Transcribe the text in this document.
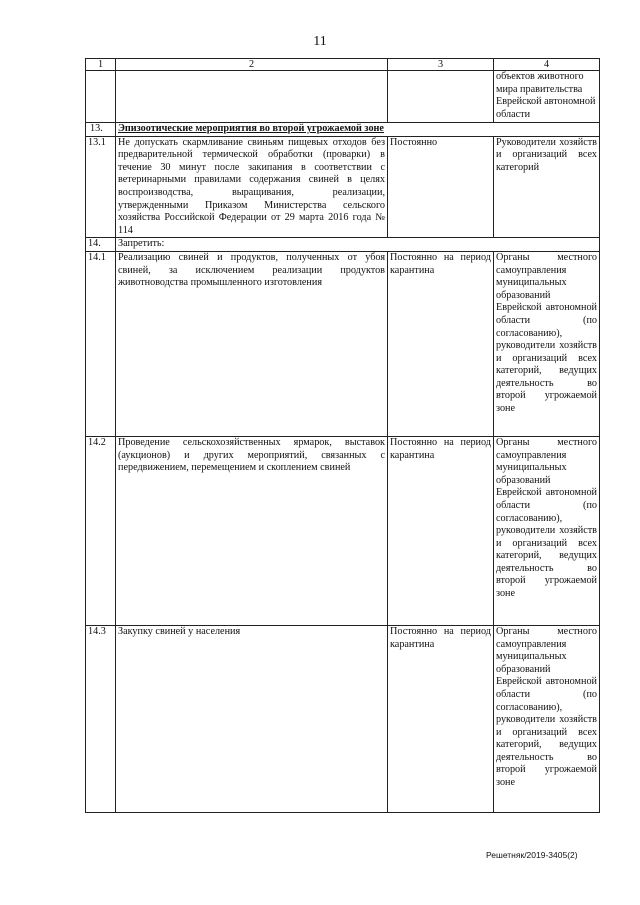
11
1	2	3	4
			объектов животного мира правительства Еврейской автономной области
13.	Эпизоотические мероприятия во второй угрожаемой зоне		
13.1	Не допускать скармливание свиньям пищевых отходов без предварительной термической обработки (проварки) в течение 30 минут после закипания в соответствии с ветеринарными правилами содержания свиней в целях воспроизводства, выращивания, реализации, утвержденными Приказом Министерства сельского хозяйства Российской Федерации от 29 марта 2016 года № 114	Постоянно	Руководители хозяйств и организаций всех категорий
14.	Запретить:		
14.1	Реализацию свиней и продуктов, полученных от убоя свиней, за исключением реализации продуктов животноводства промышленного изготовления	Постоянно на период карантина	Органы местного самоуправления муниципальных образований Еврейской автономной области (по согласованию), руководители хозяйств и организаций всех категорий, ведущих деятельность во второй угрожаемой зоне
14.2	Проведение сельскохозяйственных ярмарок, выставок (аукционов) и других мероприятий, связанных с передвижением, перемещением и скоплением свиней	Постоянно на период карантина	Органы местного самоуправления муниципальных образований Еврейской автономной области (по согласованию), руководители хозяйств и организаций всех категорий, ведущих деятельность во второй угрожаемой зоне
14.3	Закупку свиней у населения	Постоянно на период карантина	Органы местного самоуправления муниципальных образований Еврейской автономной области (по согласованию), руководители хозяйств и организаций всех категорий, ведущих деятельность во второй угрожаемой зоне
Решетняк/2019-3405(2)
